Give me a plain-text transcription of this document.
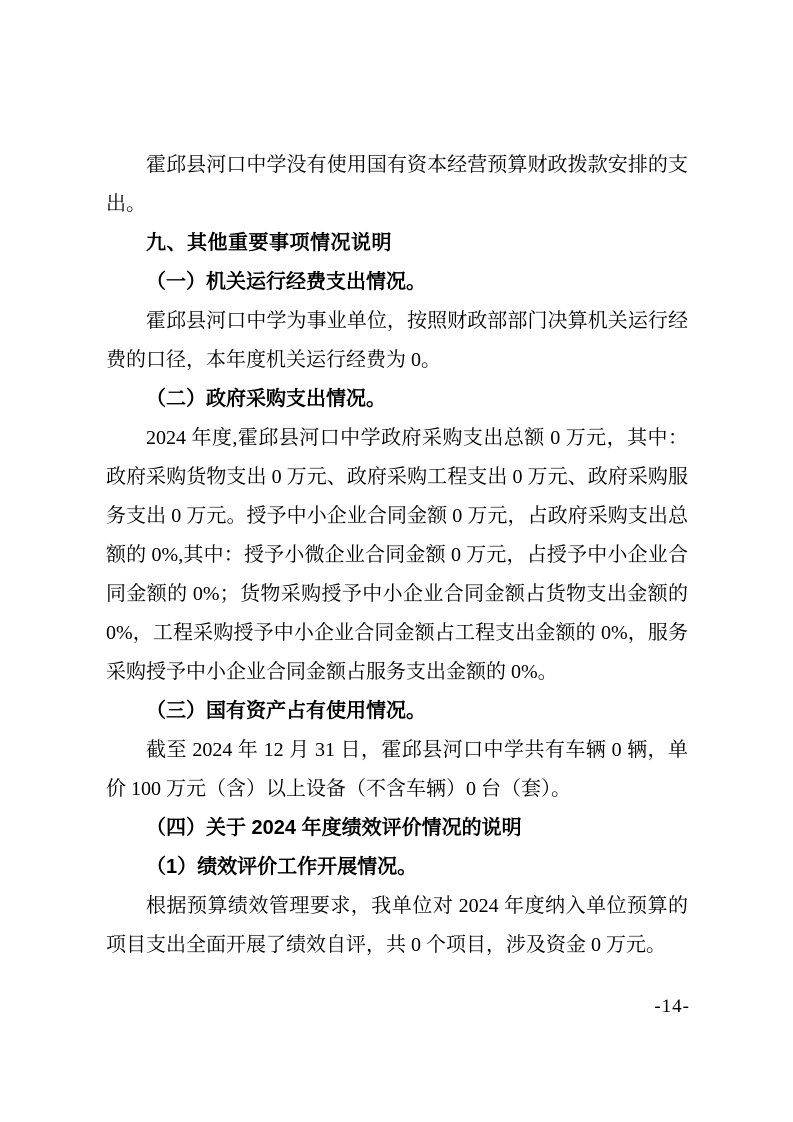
霍邱县河口中学没有使用国有资本经营预算财政拨款安排的支出。

九、其他重要事项情况说明
（一）机关运行经费支出情况。

霍邱县河口中学为事业单位，按照财政部部门决算机关运行经费的口径，本年度机关运行经费为 0。

（二）政府采购支出情况。

2024 年度,霍邱县河口中学政府采购支出总额 0 万元，其中：政府采购货物支出 0 万元、政府采购工程支出 0 万元、政府采购服务支出 0 万元。授予中小企业合同金额 0 万元，占政府采购支出总额的 0%,其中：授予小微企业合同金额 0 万元，占授予中小企业合同金额的 0%；货物采购授予中小企业合同金额占货物支出金额的 0%，工程采购授予中小企业合同金额占工程支出金额的 0%，服务采购授予中小企业合同金额占服务支出金额的 0%。

（三）国有资产占有使用情况。

截至 2024 年 12 月 31 日，霍邱县河口中学共有车辆 0 辆，单价 100 万元（含）以上设备（不含车辆）0 台（套）。

（四）关于 2024 年度绩效评价情况的说明
（1）绩效评价工作开展情况。

根据预算绩效管理要求，我单位对 2024 年度纳入单位预算的项目支出全面开展了绩效自评，共 0 个项目，涉及资金 0 万元。

-14-
